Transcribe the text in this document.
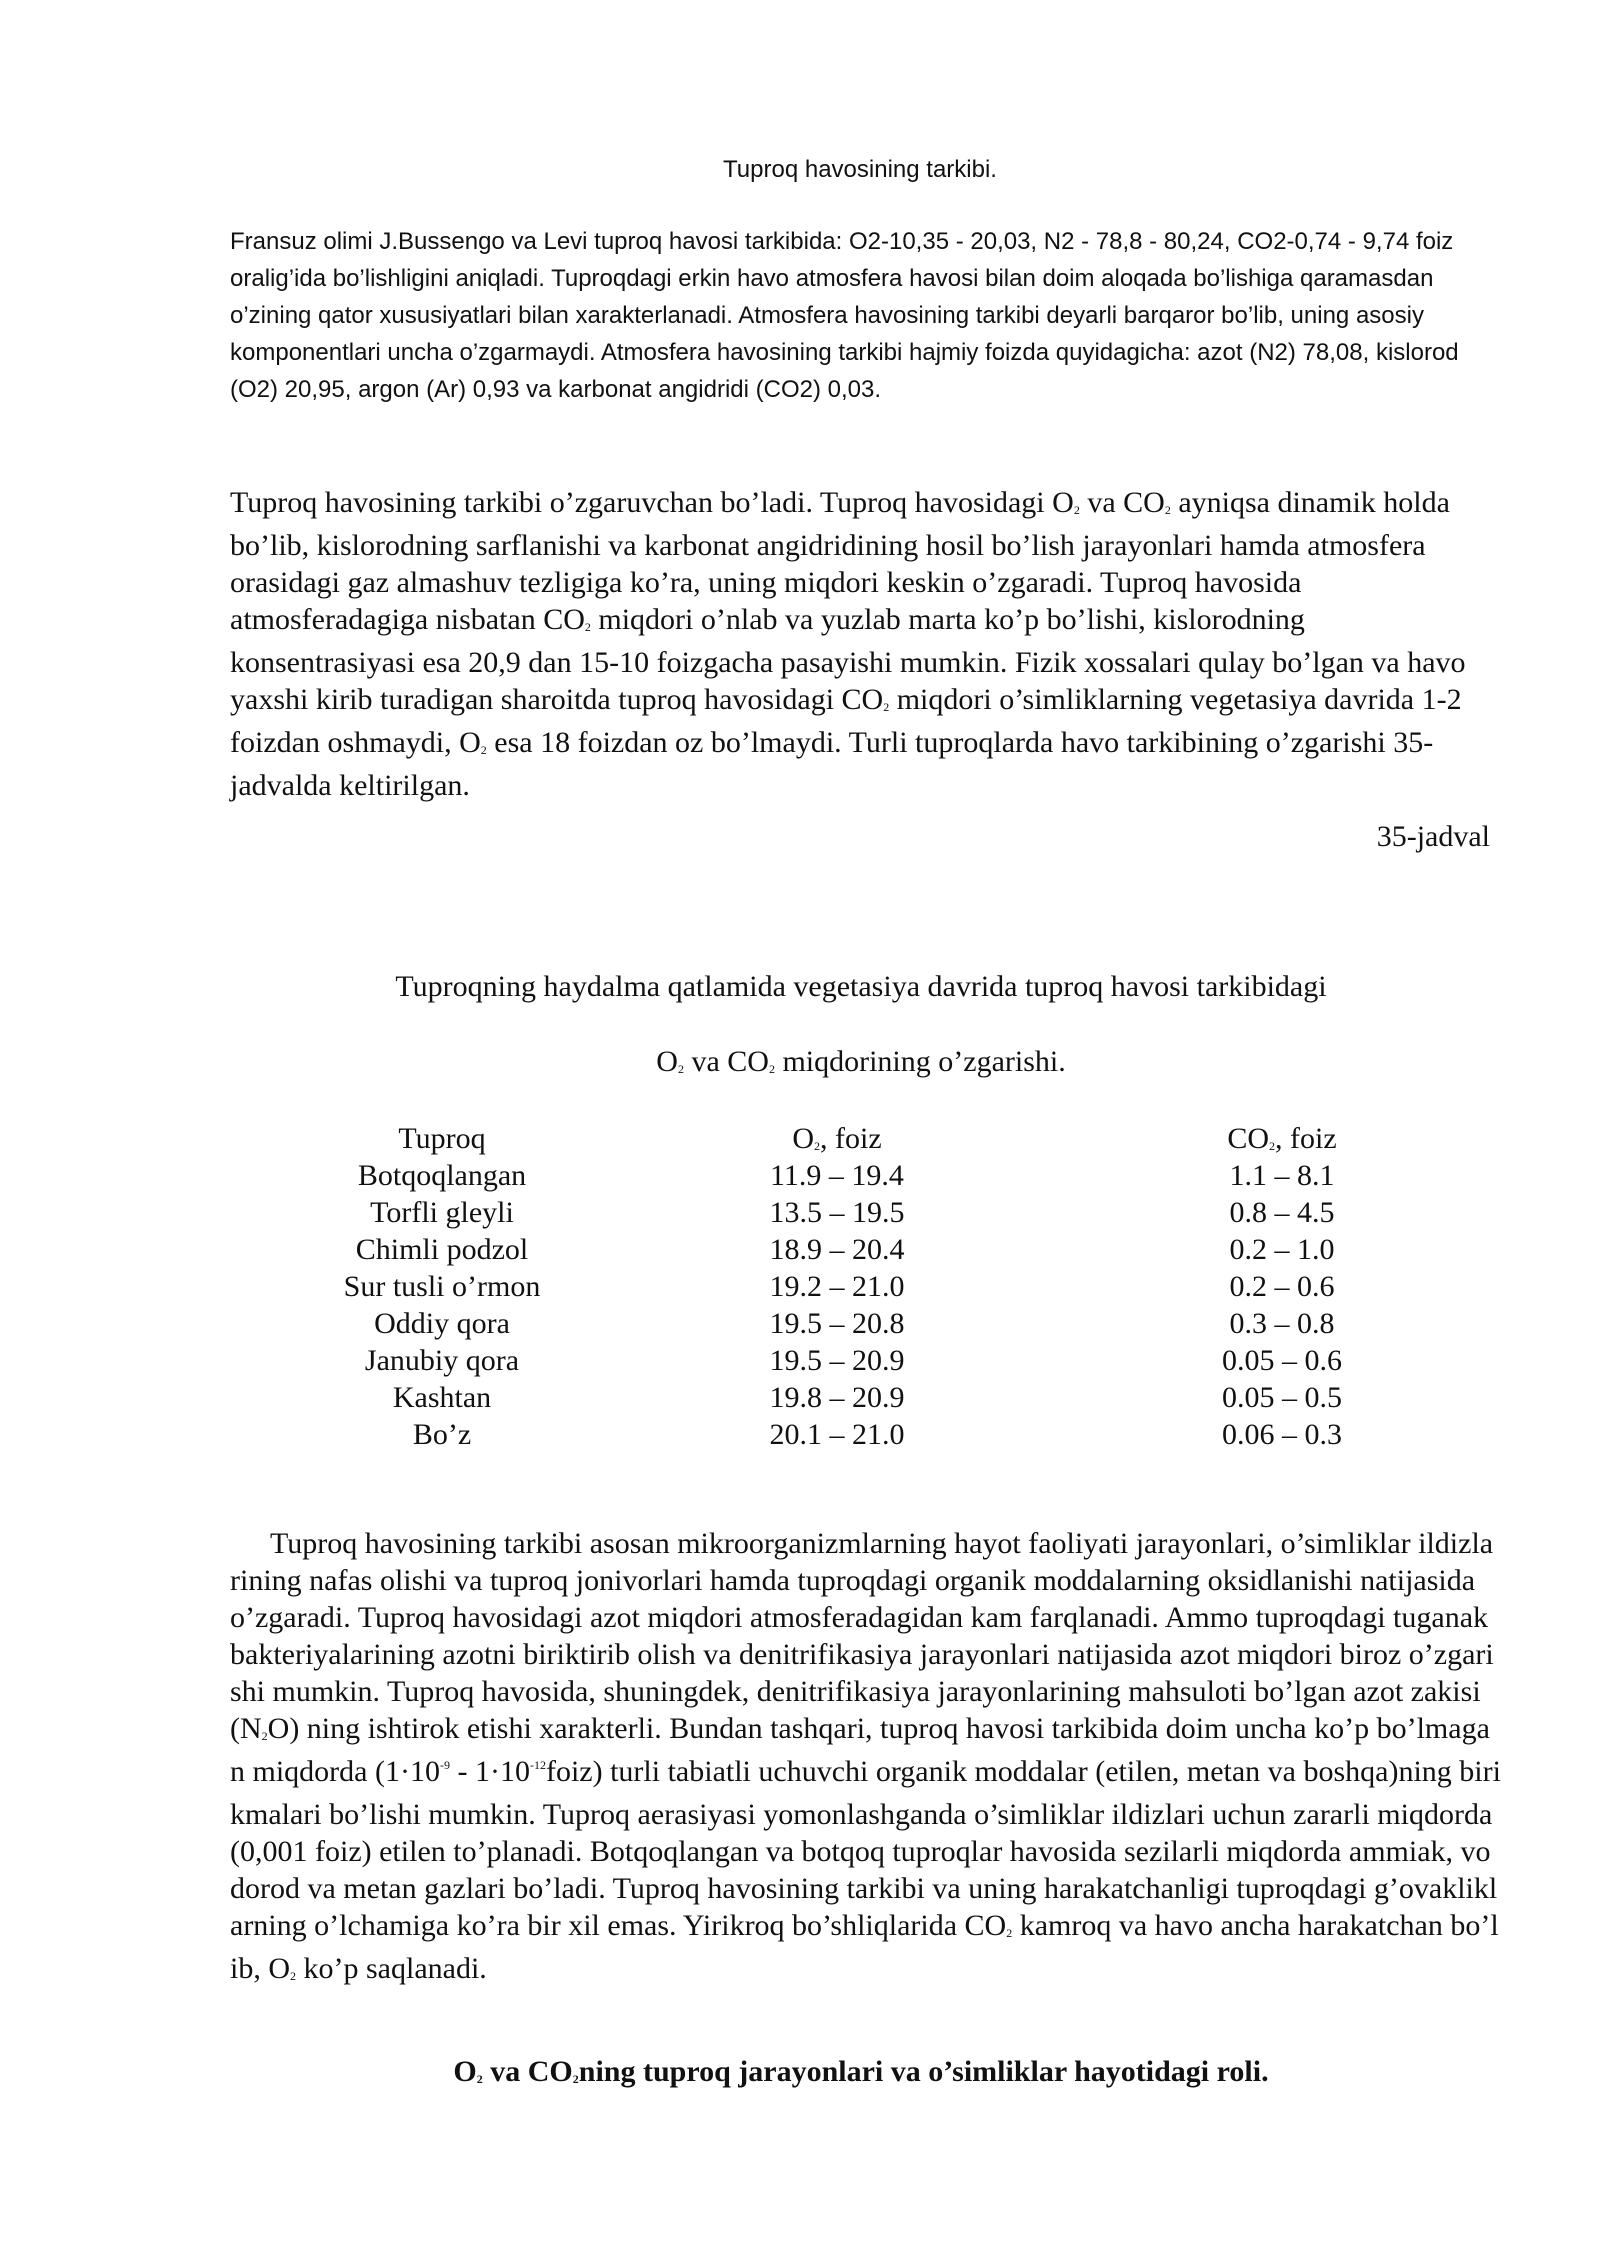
Tuproq havosining tarkibi.

Fransuz olimi J.Bussengo va Levi tuproq havosi tarkibida: O2-10,35 - 20,03, N2 - 78,8 - 80,24, CO2-0,74 - 9,74 foiz oralig’ida bo’lishligini aniqladi. Tuproqdagi erkin havo atmosfera havosi bilan doim aloqada bo’lishiga qaramasdan o’zining qator xususiyatlari bilan xarakterlanadi. Atmosfera havosining tarkibi deyarli barqaror bo’lib, uning asosiy komponentlari uncha o’zgarmaydi. Atmosfera havosining tarkibi hajmiy foizda quyidagicha: azot (N2) 78,08, kislorod (O2) 20,95, argon (Ar) 0,93 va karbonat angidridi (CO2) 0,03.

Tuproq havosining tarkibi o’zgaruvchan bo’ladi. Tuproq havosidagi $O_2$ va $CO_2$ ayniqsa dinamik holda bo’lib, kislorodning sarflanishi va karbonat angidridining hosil bo’lish jarayonlari hamda atmosfera orasidagi gaz almashuv tezligiga ko’ra, uning miqdori keskin o’zgaradi. Tuproq havosida atmosferadagiga nisbatan $CO_2$ miqdori o’nlab va yuzlab marta ko’p bo’lishi, kislorodning konsentrasiyasi esa 20,9 dan 15-10 foizgacha pasayishi mumkin. Fizik xossalari qulay bo’lgan va havo yaxshi kirib turadigan sharoitda tuproq havosidagi $CO_2$ miqdori o’simliklarning vegetasiya davrida 1-2 foizdan oshmaydi, $O_2$ esa 18 foizdan oz bo’lmaydi. Turli tuproqlarda havo tarkibining o’zgarishi 35-jadvalda keltirilgan.

35-jadval
Tuproqning haydalma qatlamida vegetasiya davrida tuproq havosi tarkibidagi
$O_2$ va $CO_2$ miqdorining o’zgarishi.
Tuproq	$O_2$, foiz	$CO_2$, foiz
Botqoqlangan	11.9 – 19.4	1.1 – 8.1
Torfli gleyli	13.5 – 19.5	0.8 – 4.5
Chimli podzol	18.9 – 20.4	0.2 – 1.0
Sur tusli o’rmon	19.2 – 21.0	0.2 – 0.6
Oddiy qora	19.5 – 20.8	0.3 – 0.8
Janubiy qora	19.5 – 20.9	0.05 – 0.6
Kashtan	19.8 – 20.9	0.05 – 0.5
Bo’z	20.1 – 21.0	0.06 – 0.3

Tuproq havosining tarkibi asosan mikroorganizmlarning hayot faoliyati jarayonlari, o’simliklar ildizlarining nafas olishi va tuproq jonivorlari hamda tuproqdagi organik moddalarning oksidlanishi natijasida o’zgaradi. Tuproq havosidagi azot miqdori atmosferadagidan kam farqlanadi. Ammo tuproqdagi tuganak bakteriyalarining azotni biriktirib olish va denitrifikasiya jarayonlari natijasida azot miqdori biroz o’zgarishi mumkin. Tuproq havosida, shuningdek, denitrifikasiya jarayonlarining mahsuloti bo’lgan azot zakisi $(N_2O)$ ning ishtirok etishi xarakterli. Bundan tashqari, tuproq havosi tarkibida doim uncha ko’p bo’lmagan miqdorda ($1\cdot 10^{-9}$ - $1\cdot 10^{-12}foiz$) turli tabiatli uchuvchi organik moddalar (etilen, metan va boshqa)ning birikmalari bo’lishi mumkin. Tuproq aerasiyasi yomonlashganda o’simliklar ildizlari uchun zararli miqdorda (0,001 foiz) etilen to’planadi. Botqoqlangan va botqoq tuproqlar havosida sezilarli miqdorda ammiak, vodorod va metan gazlari bo’ladi. Tuproq havosining tarkibi va uning harakatchanligi tuproqdagi g’ovakliklarning o’lchamiga ko’ra bir xil emas. Yirikroq bo’shliqlarida $CO_2$ kamroq va havo ancha harakatchan bo’lib, $O_2$ ko’p saqlanadi.

$O_2$ va $CO_2ning$ tuproq jarayonlari va o’simliklar hayotidagi roli.
